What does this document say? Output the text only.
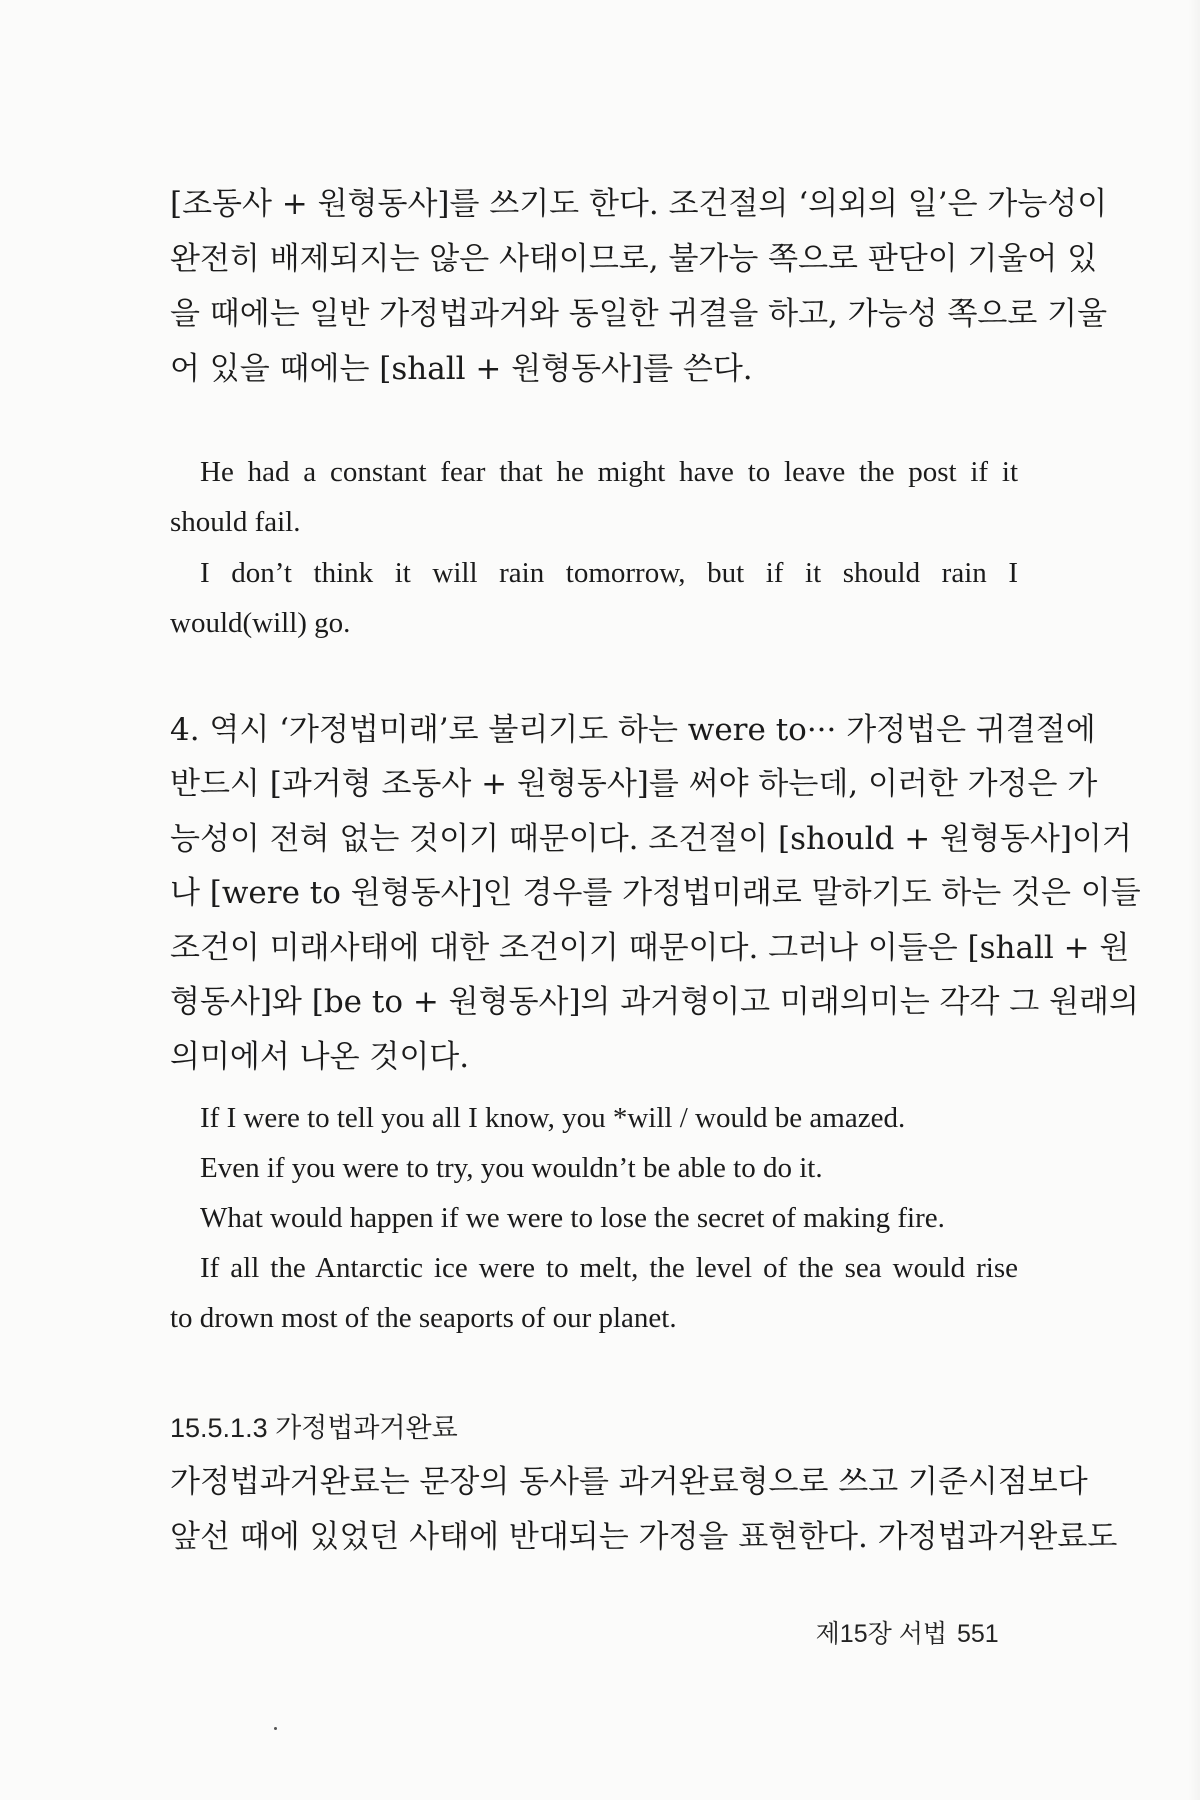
[조동사 + 원형동사]를 쓰기도 한다. 조건절의 ‘의외의 일’은 가능성이
완전히 배제되지는 않은 사태이므로, 불가능 쪽으로 판단이 기울어 있
을 때에는 일반 가정법과거와 동일한 귀결을 하고, 가능성 쪽으로 기울
어 있을 때에는 [shall + 원형동사]를 쓴다.
He had a constant fear that he might have to leave the post if it
should fail.
I don’t think it will rain tomorrow, but if it should rain I
would(will) go.
4. 역시 ‘가정법미래’로 불리기도 하는 were to··· 가정법은 귀결절에
반드시 [과거형 조동사 + 원형동사]를 써야 하는데, 이러한 가정은 가
능성이 전혀 없는 것이기 때문이다. 조건절이 [should + 원형동사]이거
나 [were to 원형동사]인 경우를 가정법미래로 말하기도 하는 것은 이들
조건이 미래사태에 대한 조건이기 때문이다. 그러나 이들은 [shall + 원
형동사]와 [be to + 원형동사]의 과거형이고 미래의미는 각각 그 원래의
의미에서 나온 것이다.
If I were to tell you all I know, you *will / would be amazed.
Even if you were to try, you wouldn’t be able to do it.
What would happen if we were to lose the secret of making fire.
If all the Antarctic ice were to melt, the level of the sea would rise
to drown most of the seaports of our planet.
15.5.1.3 가정법과거완료
가정법과거완료는 문장의 동사를 과거완료형으로 쓰고 기준시점보다
앞선 때에 있었던 사태에 반대되는 가정을 표현한다. 가정법과거완료도
제15장 서법 551
